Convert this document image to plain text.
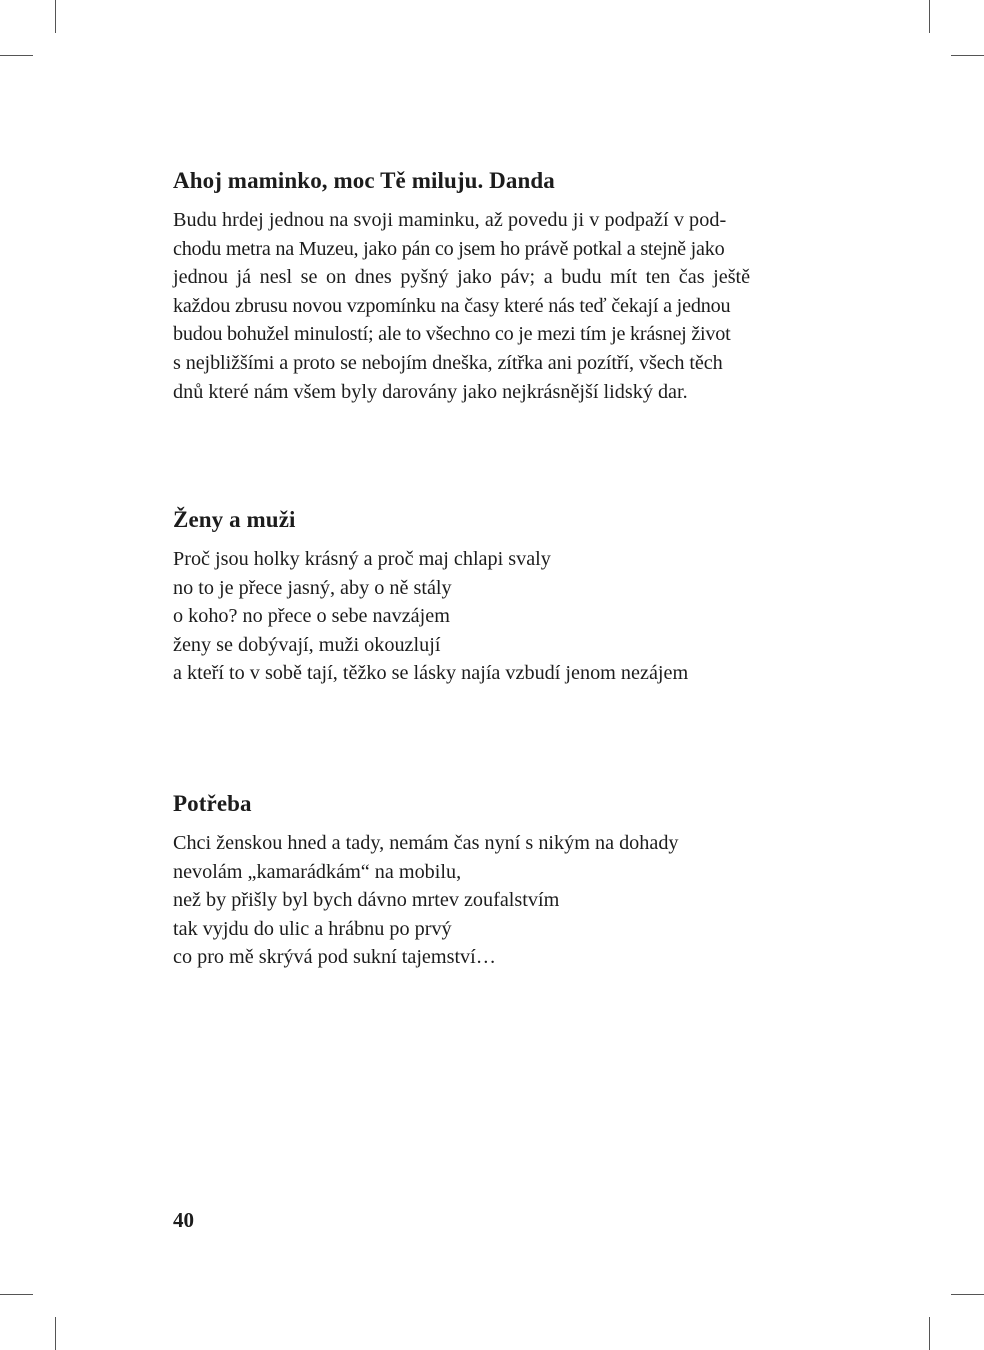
Ahoj maminko, moc Tě miluju. Danda
Budu hrdej jednou na svoji maminku, až povedu ji v podpaží v pod-
chodu metra na Muzeu, jako pán co jsem ho právě potkal a stejně jako
jednou já nesl se on dnes pyšný jako páv; a budu mít ten čas ještě
každou zbrusu novou vzpomínku na časy které nás teď čekají a jednou
budou bohužel minulostí; ale to všechno co je mezi tím je krásnej život
s nejbližšími a proto se nebojím dneška, zítřka ani pozítří, všech těch
dnů které nám všem byly darovány jako nejkrásnější lidský dar.
Ženy a muži
Proč jsou holky krásný a proč maj chlapi svaly
no to je přece jasný, aby o ně stály
o koho? no přece o sebe navzájem
ženy se dobývají, muži okouzlují
a kteří to v sobě tají, těžko se lásky najía vzbudí jenom nezájem
Potřeba
Chci ženskou hned a tady, nemám čas nyní s nikým na dohady
nevolám „kamarádkám“ na mobilu,
než by přišly byl bych dávno mrtev zoufalstvím
tak vyjdu do ulic a hrábnu po prvý
co pro mě skrývá pod sukní tajemství…
40
